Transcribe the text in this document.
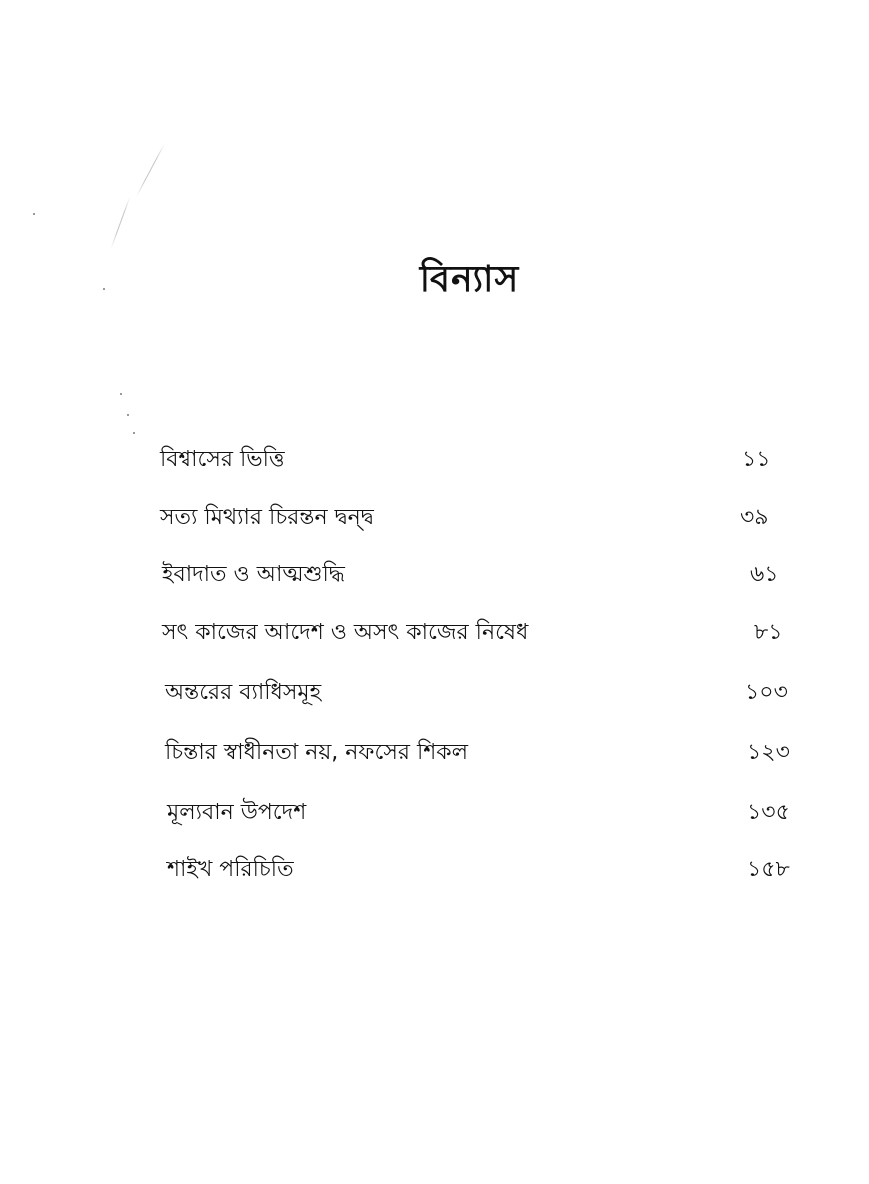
বিন্যাস
বিশ্বাসের ভিত্তি	১১
সত্য মিথ্যার চিরন্তন দ্বন্দ্ব	৩৯
ইবাদাত ও আত্মশুদ্ধি	৬১
সৎ কাজের আদেশ ও অসৎ কাজের নিষেধ	৮১
অন্তরের ব্যাধিসমূহ	১০৩
চিন্তার স্বাধীনতা নয়, নফসের শিকল	১২৩
মূল্যবান উপদেশ	১৩৫
শাইখ পরিচিতি	১৫৮
